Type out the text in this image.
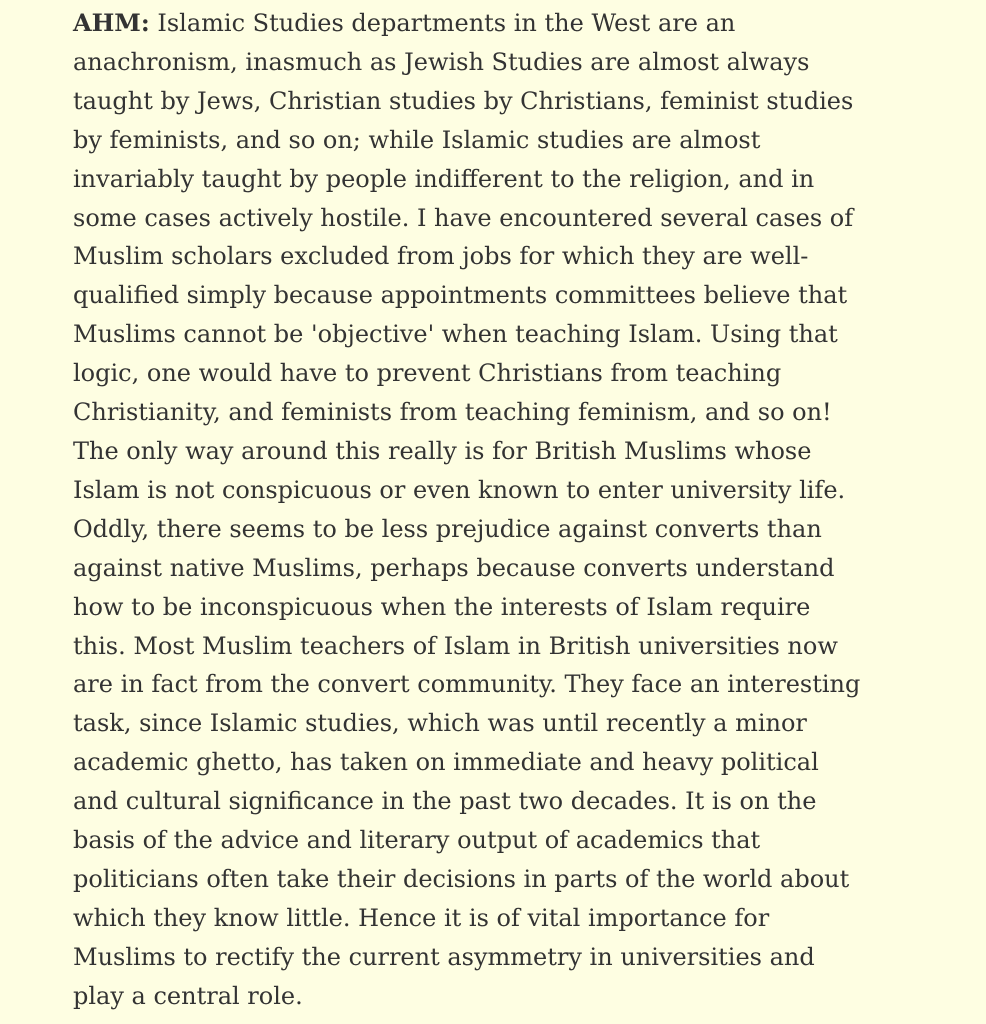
AHM: Islamic Studies departments in the West are an
anachronism, inasmuch as Jewish Studies are almost always
taught by Jews, Christian studies by Christians, feminist studies
by feminists, and so on; while Islamic studies are almost
invariably taught by people indifferent to the religion, and in
some cases actively hostile. I have encountered several cases of
Muslim scholars excluded from jobs for which they are well-
qualified simply because appointments committees believe that
Muslims cannot be 'objective' when teaching Islam. Using that
logic, one would have to prevent Christians from teaching
Christianity, and feminists from teaching feminism, and so on!
The only way around this really is for British Muslims whose
Islam is not conspicuous or even known to enter university life.
Oddly, there seems to be less prejudice against converts than
against native Muslims, perhaps because converts understand
how to be inconspicuous when the interests of Islam require
this. Most Muslim teachers of Islam in British universities now
are in fact from the convert community. They face an interesting
task, since Islamic studies, which was until recently a minor
academic ghetto, has taken on immediate and heavy political
and cultural significance in the past two decades. It is on the
basis of the advice and literary output of academics that
politicians often take their decisions in parts of the world about
which they know little. Hence it is of vital importance for
Muslims to rectify the current asymmetry in universities and
play a central role.
